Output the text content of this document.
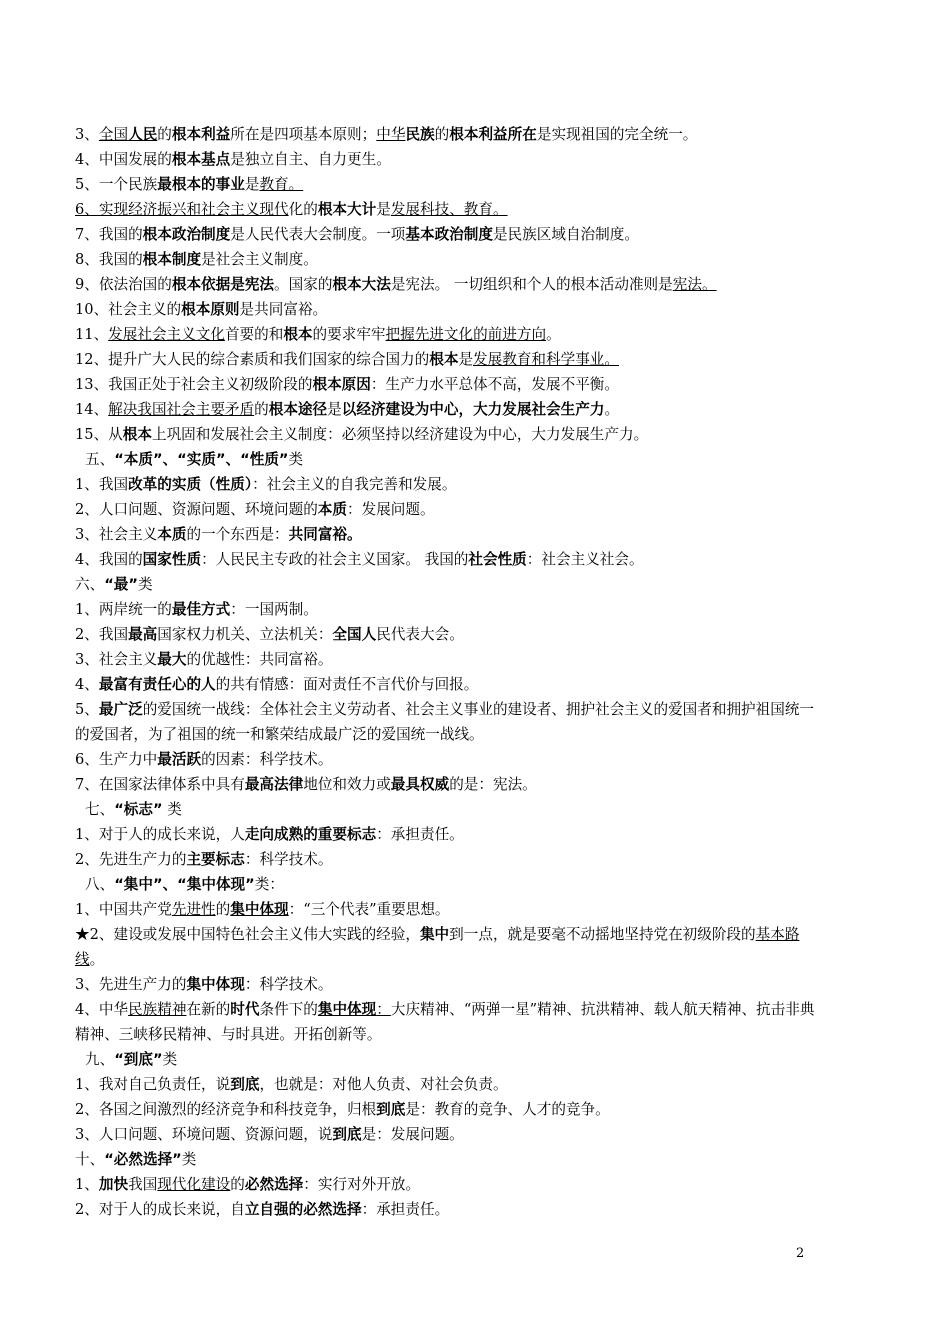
3、全国人民的根本利益所在是四项基本原则；中华民族的根本利益所在是实现祖国的完全统一。
4、中国发展的根本基点是独立自主、自力更生。
5、一个民族最根本的事业是教育。
6、实现经济振兴和社会主义现代化的根本大计是发展科技、教育。
7、我国的根本政治制度是人民代表大会制度。一项基本政治制度是民族区域自治制度。
8、我国的根本制度是社会主义制度。
9、依法治国的根本依据是宪法。国家的根本大法是宪法。 一切组织和个人的根本活动准则是宪法。
10、社会主义的根本原则是共同富裕。
11、发展社会主义文化首要的和根本的要求牢牢把握先进文化的前进方向。
12、提升广大人民的综合素质和我们国家的综合国力的根本是发展教育和科学事业。
13、我国正处于社会主义初级阶段的根本原因：生产力水平总体不高，发展不平衡。
14、解决我国社会主要矛盾的根本途径是以经济建设为中心，大力发展社会生产力。
15、从根本上巩固和发展社会主义制度：必须坚持以经济建设为中心，大力发展生产力。
五、“本质”、“实质”、“性质”类
1、我国改革的实质（性质）：社会主义的自我完善和发展。
2、人口问题、资源问题、环境问题的本质：发展问题。
3、社会主义本质的一个东西是：共同富裕。
4、我国的国家性质：人民民主专政的社会主义国家。 我国的社会性质：社会主义社会。
六、“最”类
1、两岸统一的最佳方式：一国两制。
2、我国最高国家权力机关、立法机关：全国人民代表大会。
3、社会主义最大的优越性：共同富裕。
4、最富有责任心的人的共有情感：面对责任不言代价与回报。
5、最广泛的爱国统一战线：全体社会主义劳动者、社会主义事业的建设者、拥护社会主义的爱国者和拥护祖国统一的爱国者，为了祖国的统一和繁荣结成最广泛的爱国统一战线。
6、生产力中最活跃的因素：科学技术。
7、在国家法律体系中具有最高法律地位和效力或最具权威的是：宪法。
七、“标志” 类
1、对于人的成长来说，人走向成熟的重要标志：承担责任。
2、先进生产力的主要标志：科学技术。
八、“集中”、“集中体现”类：
1、中国共产党先进性的集中体现：“三个代表”重要思想。
★2、建设或发展中国特色社会主义伟大实践的经验，集中到一点，就是要毫不动摇地坚持党在初级阶段的基本路线。
3、先进生产力的集中体现：科学技术。
4、中华民族精神在新的时代条件下的集中体现：大庆精神、“两弹一星”精神、抗洪精神、载人航天精神、抗击非典精神、三峡移民精神、与时具进。开拓创新等。
九、“到底”类
1、我对自己负责任，说到底，也就是：对他人负责、对社会负责。
2、各国之间激烈的经济竞争和科技竞争，归根到底是：教育的竞争、人才的竞争。
3、人口问题、环境问题、资源问题，说到底是：发展问题。
十、“必然选择”类
1、加快我国现代化建设的必然选择：实行对外开放。
2、对于人的成长来说，自立自强的必然选择：承担责任。
2
